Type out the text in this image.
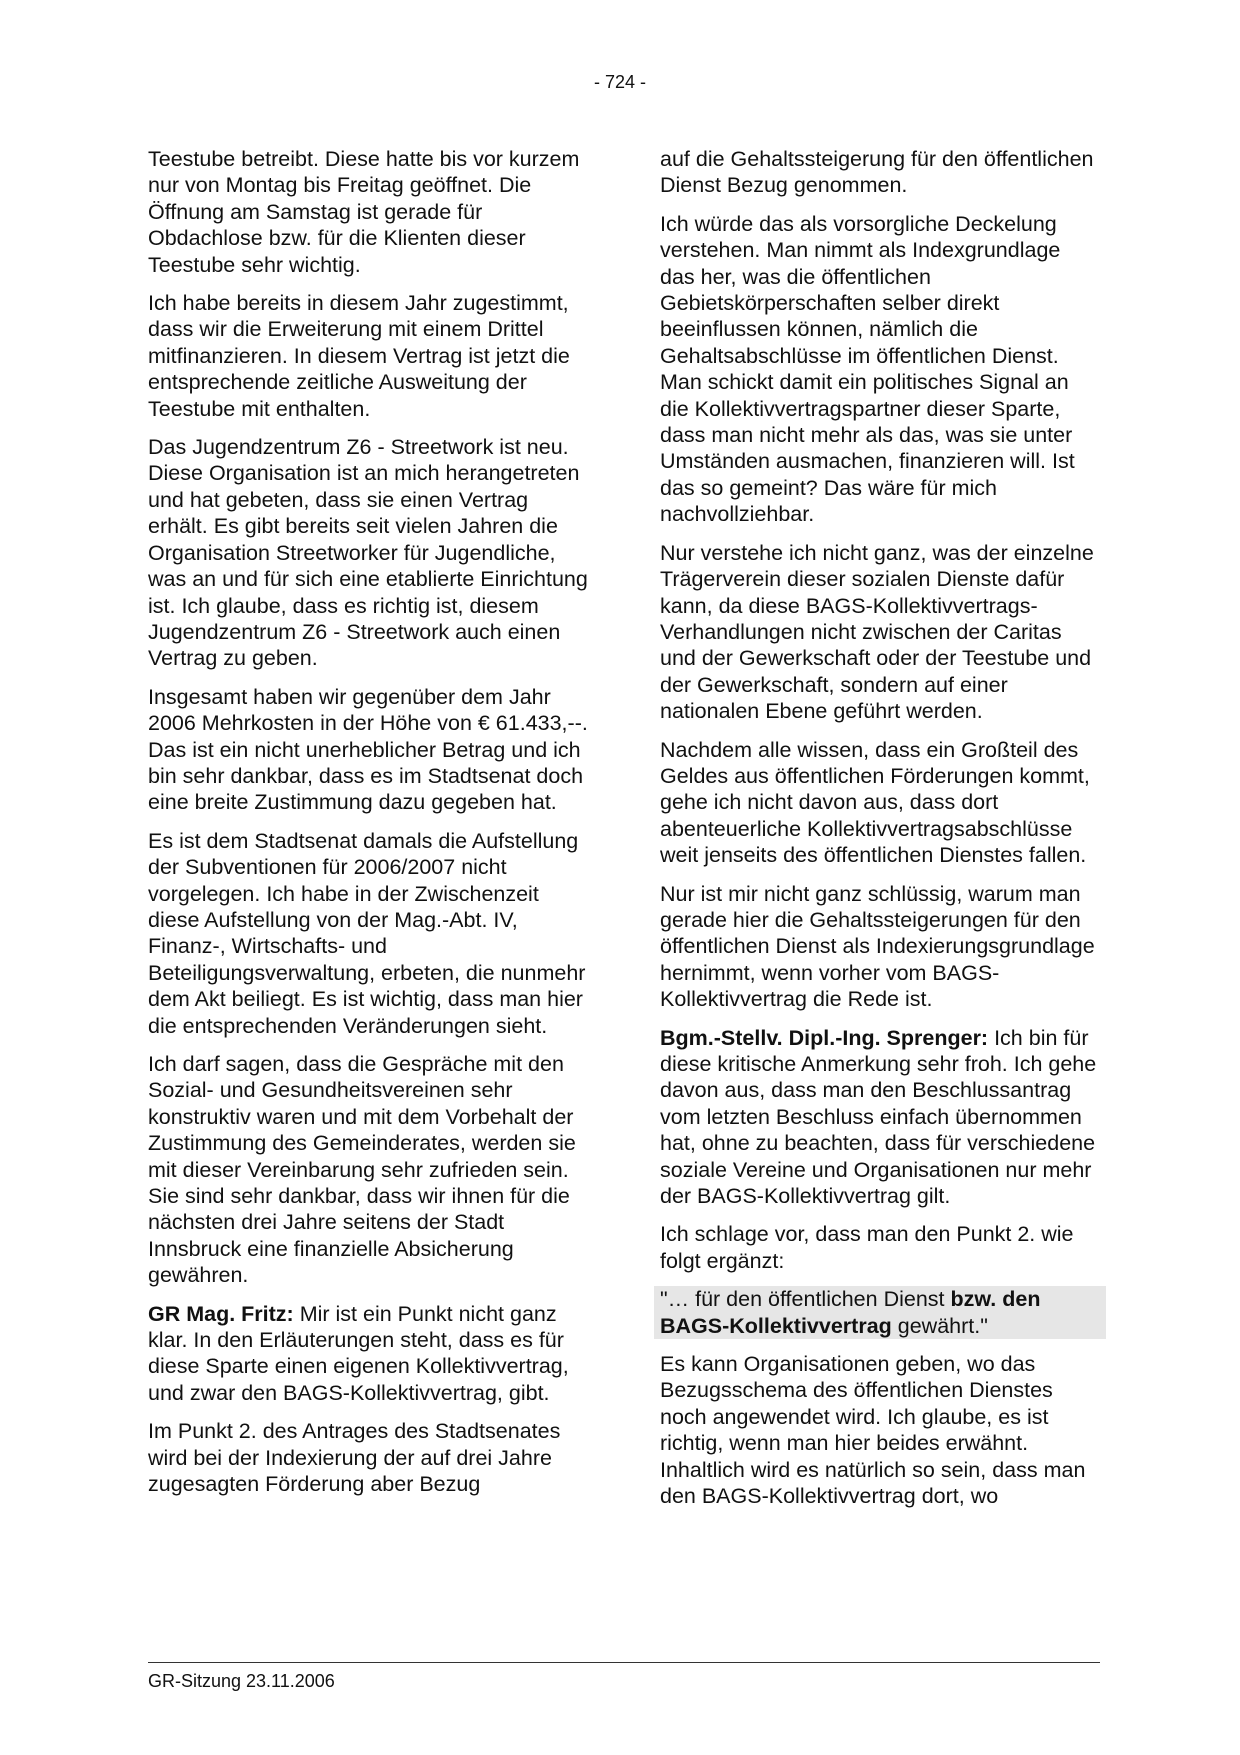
- 724 -

Teestube betreibt. Diese hatte bis vor kurzem nur von Montag bis Freitag geöffnet. Die Öffnung am Samstag ist gerade für Obdachlose bzw. für die Klienten dieser Teestube sehr wichtig.

Ich habe bereits in diesem Jahr zugestimmt, dass wir die Erweiterung mit einem Drittel mitfinanzieren. In diesem Vertrag ist jetzt die entsprechende zeitliche Ausweitung der Teestube mit enthalten.

Das Jugendzentrum Z6 - Streetwork ist neu. Diese Organisation ist an mich herangetreten und hat gebeten, dass sie einen Vertrag erhält. Es gibt bereits seit vielen Jahren die Organisation Streetworker für Jugendliche, was an und für sich eine etablierte Einrichtung ist. Ich glaube, dass es richtig ist, diesem Jugendzentrum Z6 - Streetwork auch einen Vertrag zu geben.

Insgesamt haben wir gegenüber dem Jahr 2006 Mehrkosten in der Höhe von € 61.433,--. Das ist ein nicht unerheblicher Betrag und ich bin sehr dankbar, dass es im Stadtsenat doch eine breite Zustimmung dazu gegeben hat.

Es ist dem Stadtsenat damals die Aufstellung der Subventionen für 2006/2007 nicht vorgelegen. Ich habe in der Zwischenzeit diese Aufstellung von der Mag.-Abt. IV, Finanz-, Wirtschafts- und Beteiligungsverwaltung, erbeten, die nunmehr dem Akt beiliegt. Es ist wichtig, dass man hier die entsprechenden Veränderungen sieht.

Ich darf sagen, dass die Gespräche mit den Sozial- und Gesundheitsvereinen sehr konstruktiv waren und mit dem Vorbehalt der Zustimmung des Gemeinderates, werden sie mit dieser Vereinbarung sehr zufrieden sein. Sie sind sehr dankbar, dass wir ihnen für die nächsten drei Jahre seitens der Stadt Innsbruck eine finanzielle Absicherung gewähren.

GR Mag. Fritz: Mir ist ein Punkt nicht ganz klar. In den Erläuterungen steht, dass es für diese Sparte einen eigenen Kollektivvertrag, und zwar den BAGS-Kollektivvertrag, gibt.

Im Punkt 2. des Antrages des Stadtsenates wird bei der Indexierung der auf drei Jahre zugesagten Förderung aber Bezug

auf die Gehaltssteigerung für den öffentlichen Dienst Bezug genommen.

Ich würde das als vorsorgliche Deckelung verstehen. Man nimmt als Indexgrundlage das her, was die öffentlichen Gebietskörperschaften selber direkt beeinflussen können, nämlich die Gehaltsabschlüsse im öffentlichen Dienst. Man schickt damit ein politisches Signal an die Kollektivvertragspartner dieser Sparte, dass man nicht mehr als das, was sie unter Umständen ausmachen, finanzieren will. Ist das so gemeint? Das wäre für mich nachvollziehbar.

Nur verstehe ich nicht ganz, was der einzelne Trägerverein dieser sozialen Dienste dafür kann, da diese BAGS-Kollektivvertrags-Verhandlungen nicht zwischen der Caritas und der Gewerkschaft oder der Teestube und der Gewerkschaft, sondern auf einer nationalen Ebene geführt werden.

Nachdem alle wissen, dass ein Großteil des Geldes aus öffentlichen Förderungen kommt, gehe ich nicht davon aus, dass dort abenteuerliche Kollektivvertragsabschlüsse weit jenseits des öffentlichen Dienstes fallen.

Nur ist mir nicht ganz schlüssig, warum man gerade hier die Gehaltssteigerungen für den öffentlichen Dienst als Indexierungsgrundlage hernimmt, wenn vorher vom BAGS-Kollektivvertrag die Rede ist.

Bgm.-Stellv. Dipl.-Ing. Sprenger: Ich bin für diese kritische Anmerkung sehr froh. Ich gehe davon aus, dass man den Beschlussantrag vom letzten Beschluss einfach übernommen hat, ohne zu beachten, dass für verschiedene soziale Vereine und Organisationen nur mehr der BAGS-Kollektivvertrag gilt.

Ich schlage vor, dass man den Punkt 2. wie folgt ergänzt:

"… für den öffentlichen Dienst bzw. den BAGS-Kollektivvertrag gewährt."

Es kann Organisationen geben, wo das Bezugsschema des öffentlichen Dienstes noch angewendet wird. Ich glaube, es ist richtig, wenn man hier beides erwähnt. Inhaltlich wird es natürlich so sein, dass man den BAGS-Kollektivvertrag dort, wo

GR-Sitzung 23.11.2006
